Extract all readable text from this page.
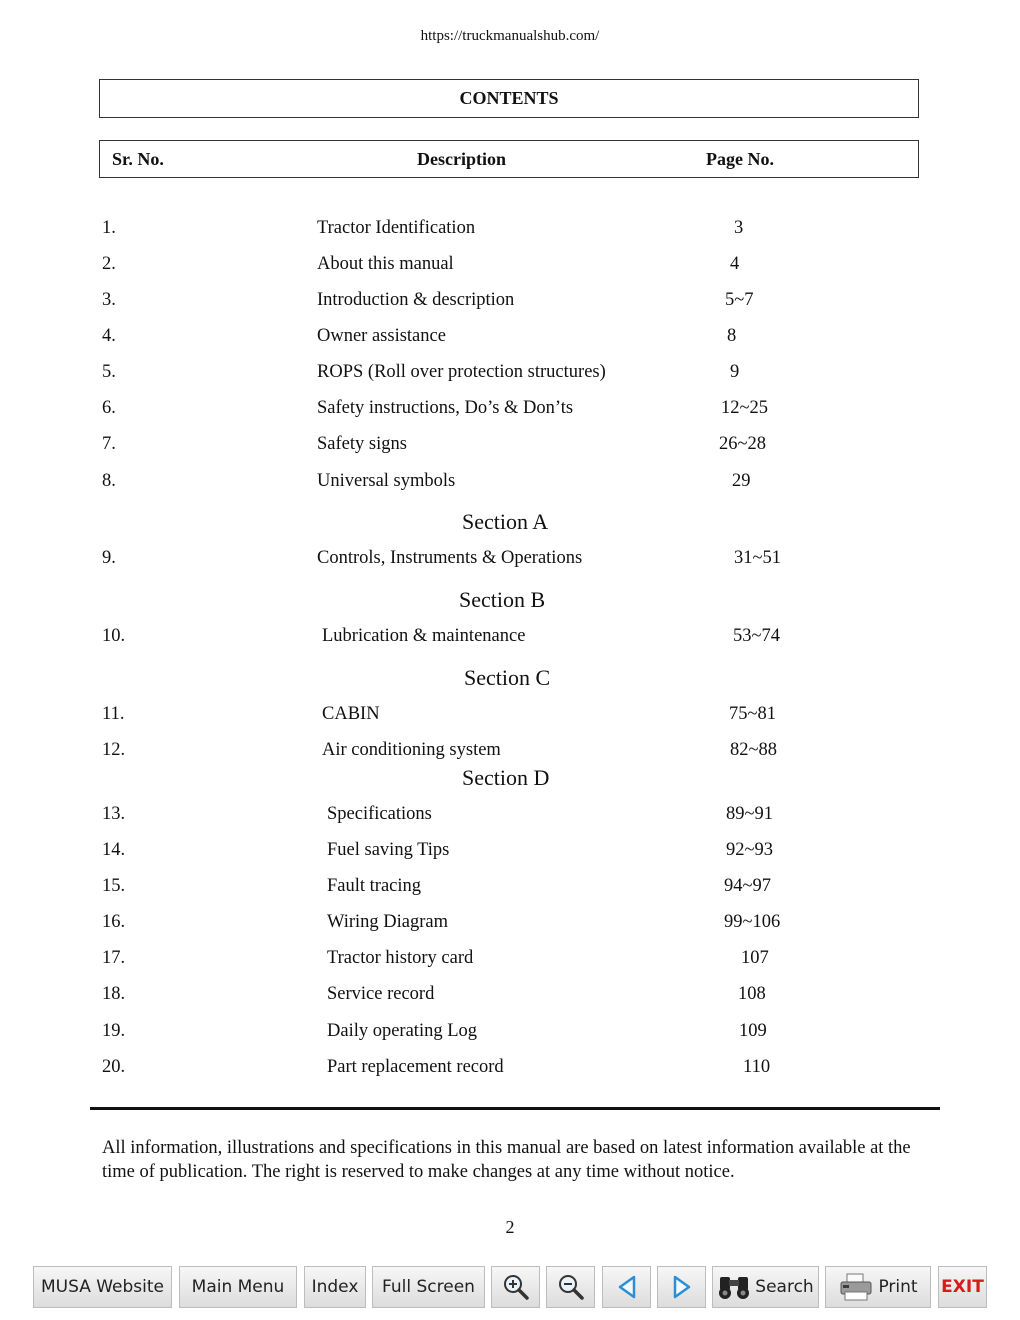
https://truckmanualshub.com/
CONTENTS
Sr. No.	Description	Page No.
1.	Tractor Identification	3
2.	About this manual	4
3.	Introduction & description	5~7
4.	Owner assistance	8
5.	ROPS (Roll over protection structures)	9
6.	Safety instructions, Do’s & Don’ts	12~25
7.	Safety signs	26~28
8.	Universal symbols	29
Section A
9.	Controls, Instruments & Operations	31~51
Section B
10.	Lubrication & maintenance	53~74
Section C
11.	CABIN	75~81
12.	Air conditioning system	82~88
Section D
13.	Specifications	89~91
14.	Fuel saving Tips	92~93
15.	Fault tracing	94~97
16.	Wiring Diagram	99~106
17.	Tractor history card	107
18.	Service record	108
19.	Daily operating Log	109
20.	Part replacement record	110
All information, illustrations and specifications in this manual are based on latest information available at the time of publication. The right is reserved to make changes at any time without notice.
2
MUSA Website Main Menu Index Full Screen	Search	Print EXIT
